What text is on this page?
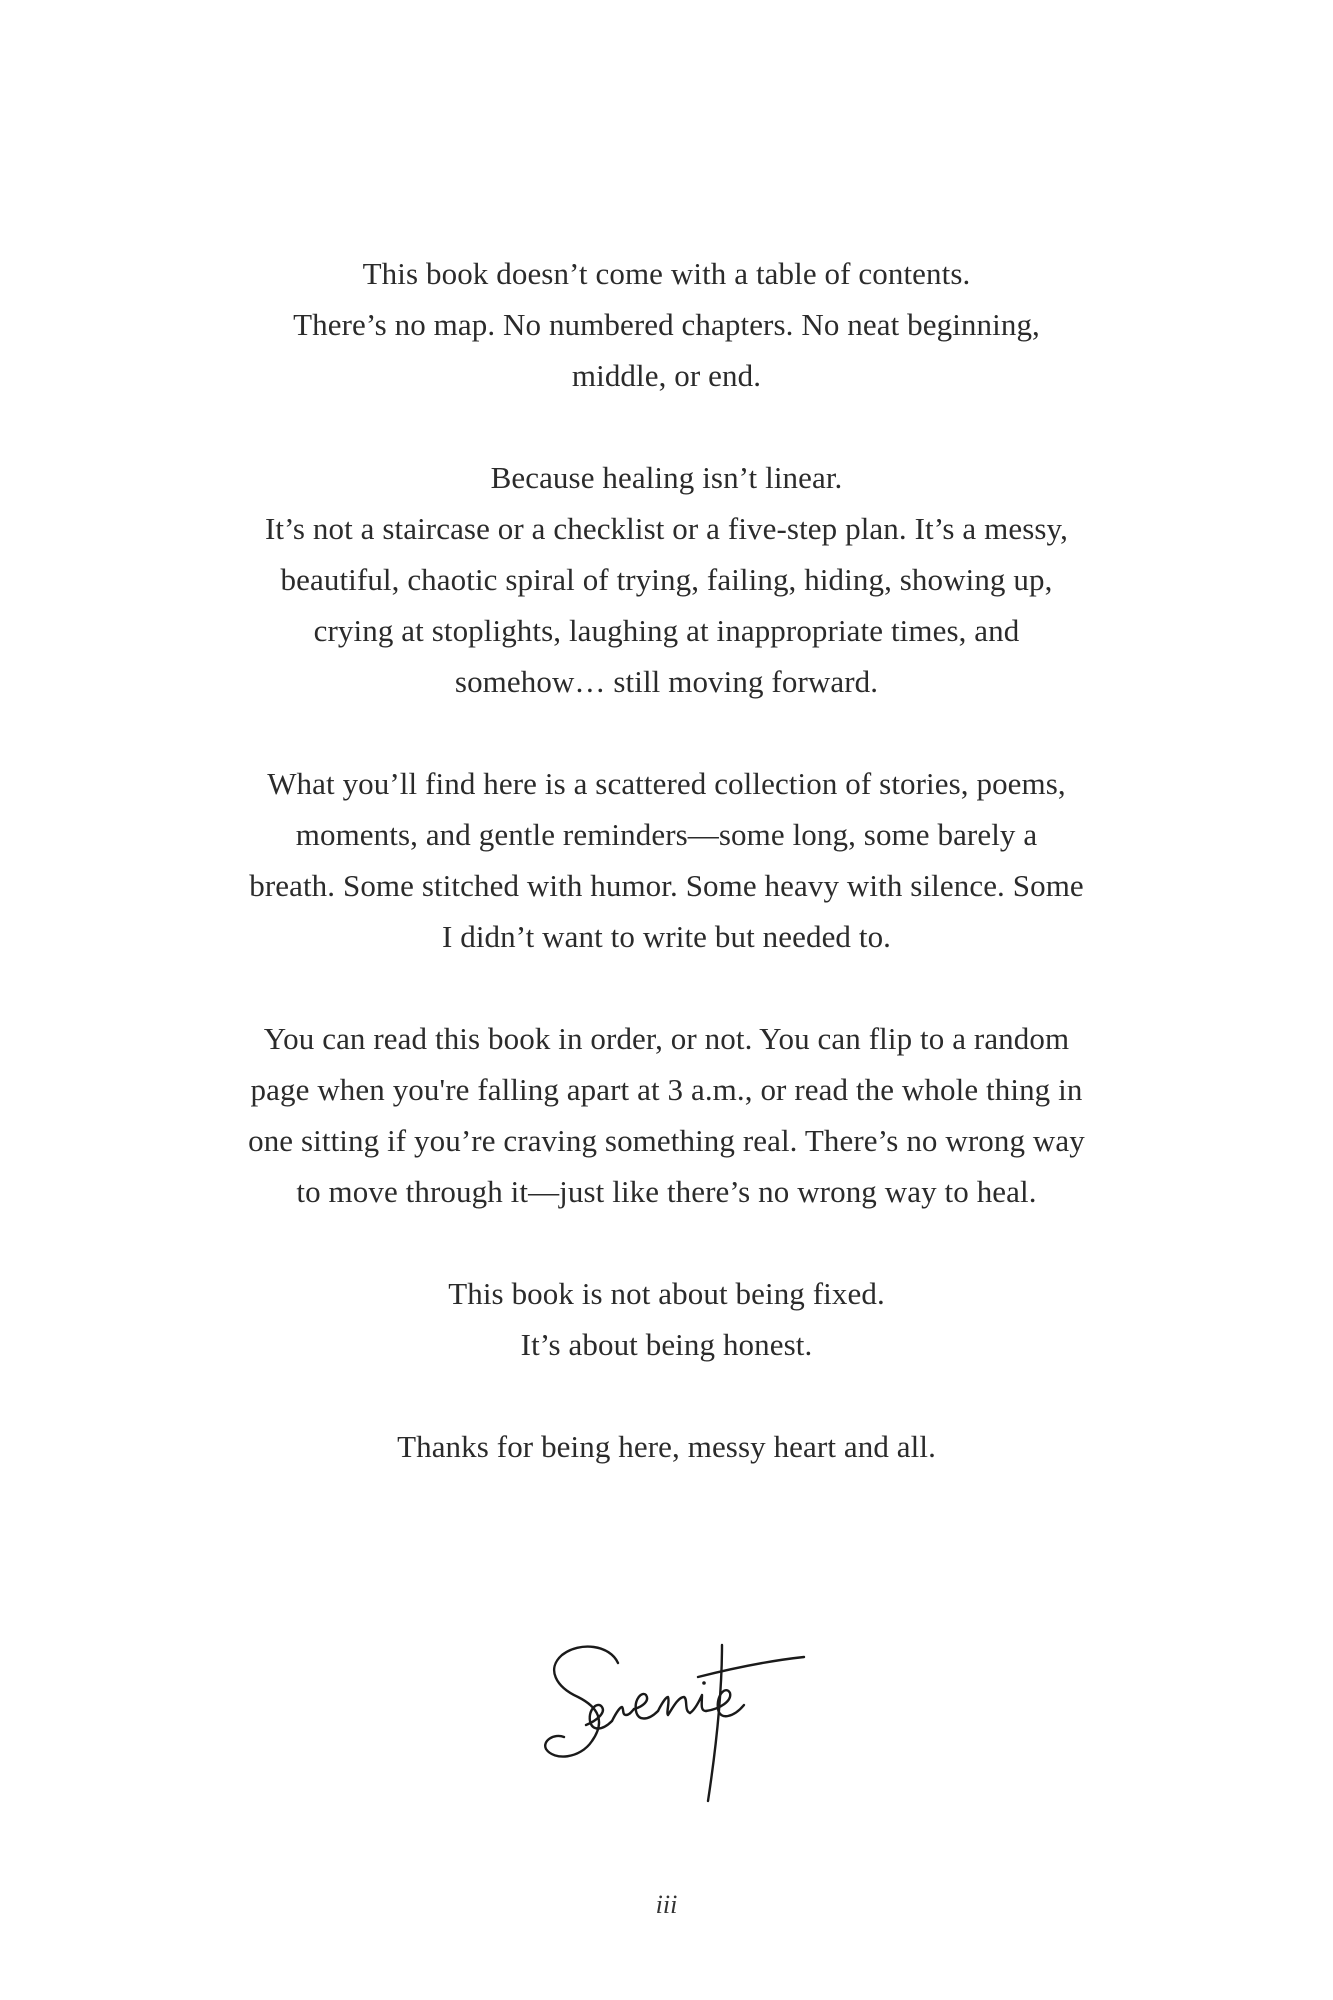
This book doesn’t come with a table of contents.
There’s no map. No numbered chapters. No neat beginning,
middle, or end.

Because healing isn’t linear.
It’s not a staircase or a checklist or a five-step plan. It’s a messy,
beautiful, chaotic spiral of trying, failing, hiding, showing up,
crying at stoplights, laughing at inappropriate times, and
somehow… still moving forward.

What you’ll find here is a scattered collection of stories, poems,
moments, and gentle reminders—some long, some barely a
breath. Some stitched with humor. Some heavy with silence. Some
I didn’t want to write but needed to.

You can read this book in order, or not. You can flip to a random
page when you're falling apart at 3 a.m., or read the whole thing in
one sitting if you’re craving something real. There’s no wrong way
to move through it—just like there’s no wrong way to heal.

This book is not about being fixed.
It’s about being honest.

Thanks for being here, messy heart and all.

iii
